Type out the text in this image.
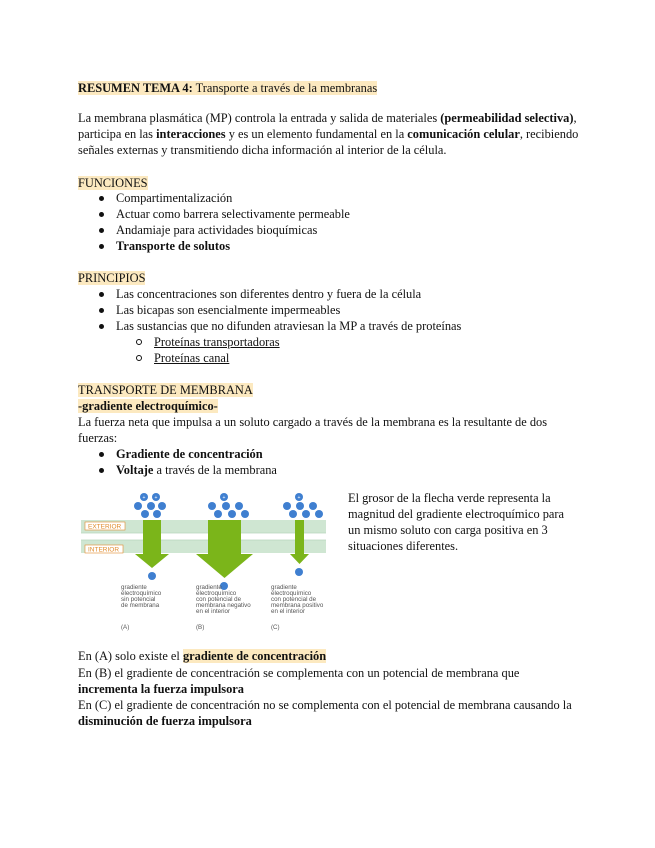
RESUMEN TEMA 4: Transporte a través de la membranas
La membrana plasmática (MP) controla la entrada y salida de materiales (permeabilidad selectiva),
participa en las interacciones y es un elemento fundamental en la comunicación celular, recibiendo
señales externas y transmitiendo dicha información al interior de la célula.
FUNCIONES
Compartimentalización
Actuar como barrera selectivamente permeable
Andamiaje para actividades bioquímicas
Transporte de solutos
PRINCIPIOS
Las concentraciones son diferentes dentro y fuera de la célula
Las bicapas son esencialmente impermeables
Las sustancias que no difunden atraviesan la MP a través de proteínas
Proteínas transportadoras
Proteínas canal
TRANSPORTE DE MEMBRANA
-gradiente electroquímico-
La fuerza neta que impulsa a un soluto cargado a través de la membrana es la resultante de dos
fuerzas:
Gradiente de concentración
Voltaje a través de la membrana
EXTERIOR
INTERIOR
+ +	+	+
gradiente
electroquímico
sin potencial
de membrana
(A)
gradiente
electroquímico
con potencial de
membrana negativo
en el interior
(B)
gradiente
electroquímico
con potencial de
membrana positivo
en el interior
(C)
El grosor de la flecha verde representa la magnitud del gradiente electroquímico para un mismo soluto con carga positiva en 3 situaciones diferentes.
En (A) solo existe el gradiente de concentración
En (B) el gradiente de concentración se complementa con un potencial de membrana que
incrementa la fuerza impulsora
En (C) el gradiente de concentración no se complementa con el potencial de membrana causando la
disminución de fuerza impulsora
